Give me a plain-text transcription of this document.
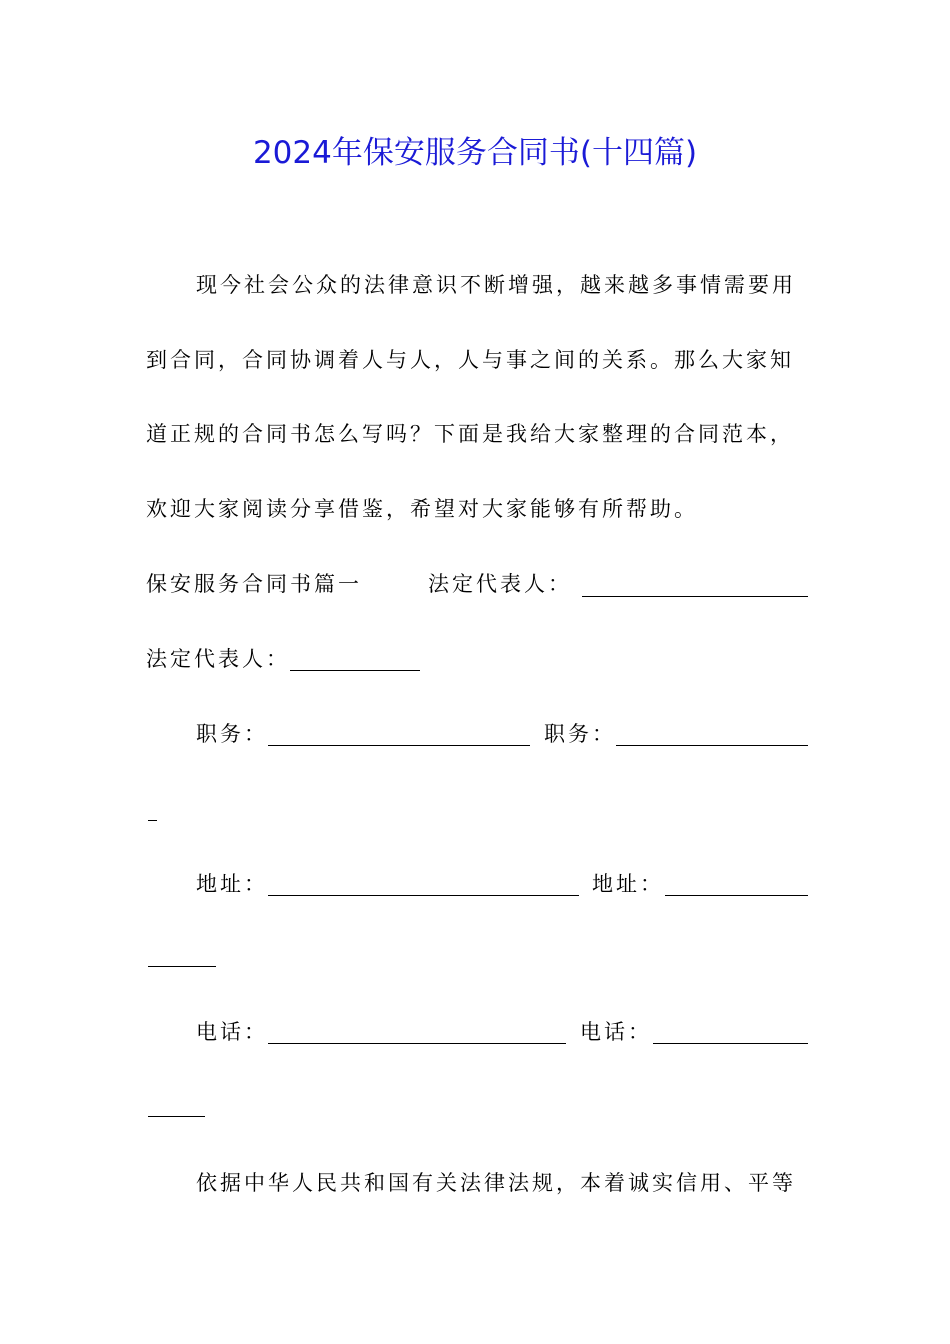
2024年保安服务合同书(十四篇)
现今社会公众的法律意识不断增强，越来越多事情需要用
到合同，合同协调着人与人，人与事之间的关系。那么大家知
道正规的合同书怎么写吗？下面是我给大家整理的合同范本，
欢迎大家阅读分享借鉴，希望对大家能够有所帮助。
保安服务合同书篇一	法定代表人：
法定代表人：
职务：	职务：
地址：	地址：
电话：	电话：
依据中华人民共和国有关法律法规，本着诚实信用、平等
